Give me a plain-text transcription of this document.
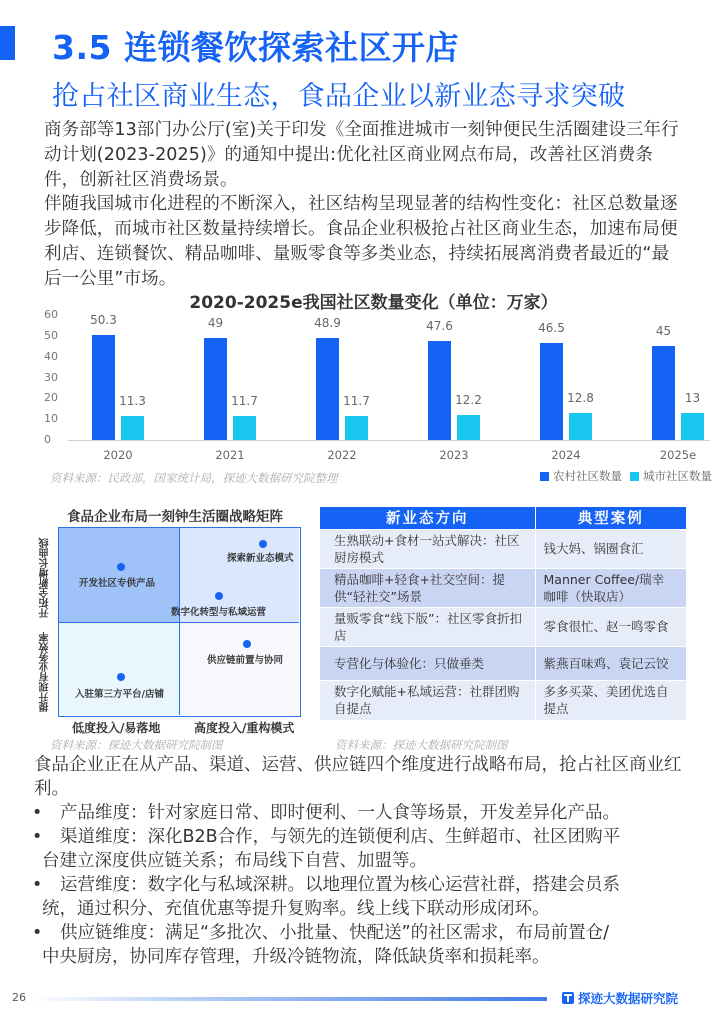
3.5 连锁餐饮探索社区开店
抢占社区商业生态，食品企业以新业态寻求突破
商务部等13部门办公厅(室)关于印发《全面推进城市一刻钟便民生活圈建设三年行动计划(2023-2025)》的通知中提出:优化社区商业网点布局，改善社区消费条件，创新社区消费场景。
伴随我国城市化进程的不断深入，社区结构呈现显著的结构性变化：社区总数量逐步降低，而城市社区数量持续增长。食品企业积极抢占社区商业生态，加速布局便利店、连锁餐饮、精品咖啡、量贩零食等多类业态，持续拓展离消费者最近的“最后一公里”市场。
2020-2025e我国社区数量变化（单位：万家）
60
50
40
30
20
10
0
50.3
11.3
2020
49
11.7
2021
48.9
11.7
2022
47.6
12.2
2023
46.5
12.8
2024
45
13
2025e
资料来源：民政部，国家统计局，探迹大数据研究院整理	农村社区数量 城市社区数量
食品企业布局一刻钟生活圈战略矩阵
开拓全新增长曲线
提升现有业务效率
开发社区专供产品
探索新业态模式
数字化转型与私域运营
供应链前置与协同
入驻第三方平台/店铺
低度投入/易落地	高度投入/重构模式
资料来源：探迹大数据研究院制图
新业态方向	典型案例
生熟联动+食材一站式解决：社区厨房模式	钱大妈、锅圈食汇
精品咖啡+轻食+社交空间：提供“轻社交”场景	Manner Coffee/瑞幸咖啡（快取店）
量贩零食“线下版”：社区零食折扣店	零食很忙、赵一鸣零食
专营化与体验化：只做垂类	紫燕百味鸡、袁记云饺
数字化赋能+私域运营：社群团购自提点	多多买菜、美团优选自提点
资料来源：探迹大数据研究院制图
食品企业正在从产品、渠道、运营、供应链四个维度进行战略布局，抢占社区商业红利。
• 产品维度：针对家庭日常、即时便利、一人食等场景，开发差异化产品。
• 渠道维度：深化B2B合作，与领先的连锁便利店、生鲜超市、社区团购平
台建立深度供应链关系；布局线下自营、加盟等。
• 运营维度：数字化与私域深耕。以地理位置为核心运营社群，搭建会员系
统，通过积分、充值优惠等提升复购率。线上线下联动形成闭环。
• 供应链维度：满足“多批次、小批量、快配送”的社区需求，布局前置仓/
中央厨房，协同库存管理，升级冷链物流，降低缺货率和损耗率。
26	探迹大数据研究院
